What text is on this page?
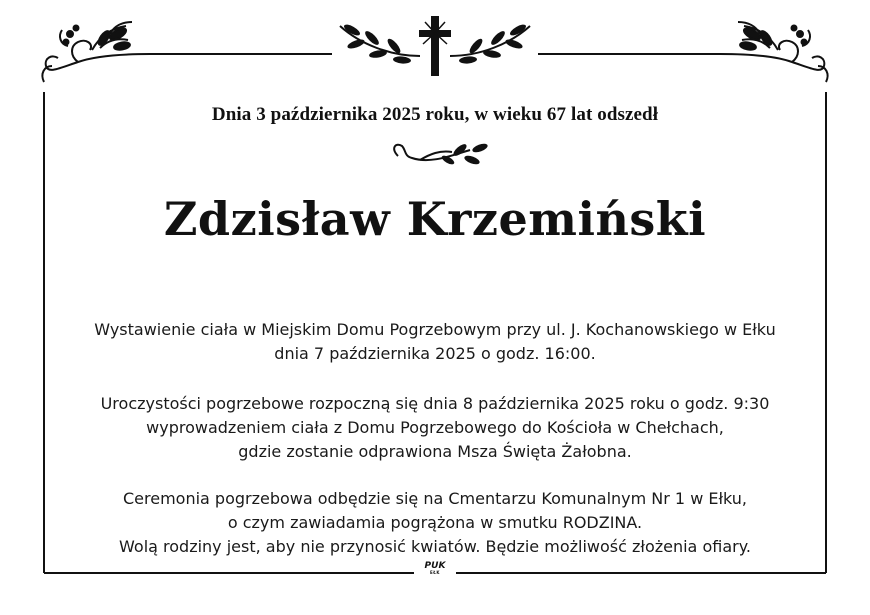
Dnia 3 października 2025 roku, w wieku 67 lat odszedł
Zdzisław Krzemiński
Wystawienie ciała w Miejskim Domu Pogrzebowym przy ul. J. Kochanowskiego w Ełku
dnia 7 października 2025 o godz. 16:00.
Uroczystości pogrzebowe rozpoczną się dnia 8 października 2025 roku o godz. 9:30
wyprowadzeniem ciała z Domu Pogrzebowego do Kościoła w Chełchach,
gdzie zostanie odprawiona Msza Święta Żałobna.
Ceremonia pogrzebowa odbędzie się na Cmentarzu Komunalnym Nr 1 w Ełku,
o czym zawiadamia pogrążona w smutku RODZINA.
Wolą rodziny jest, aby nie przynosić kwiatów. Będzie możliwość złożenia ofiary.
PUK
EŁK
